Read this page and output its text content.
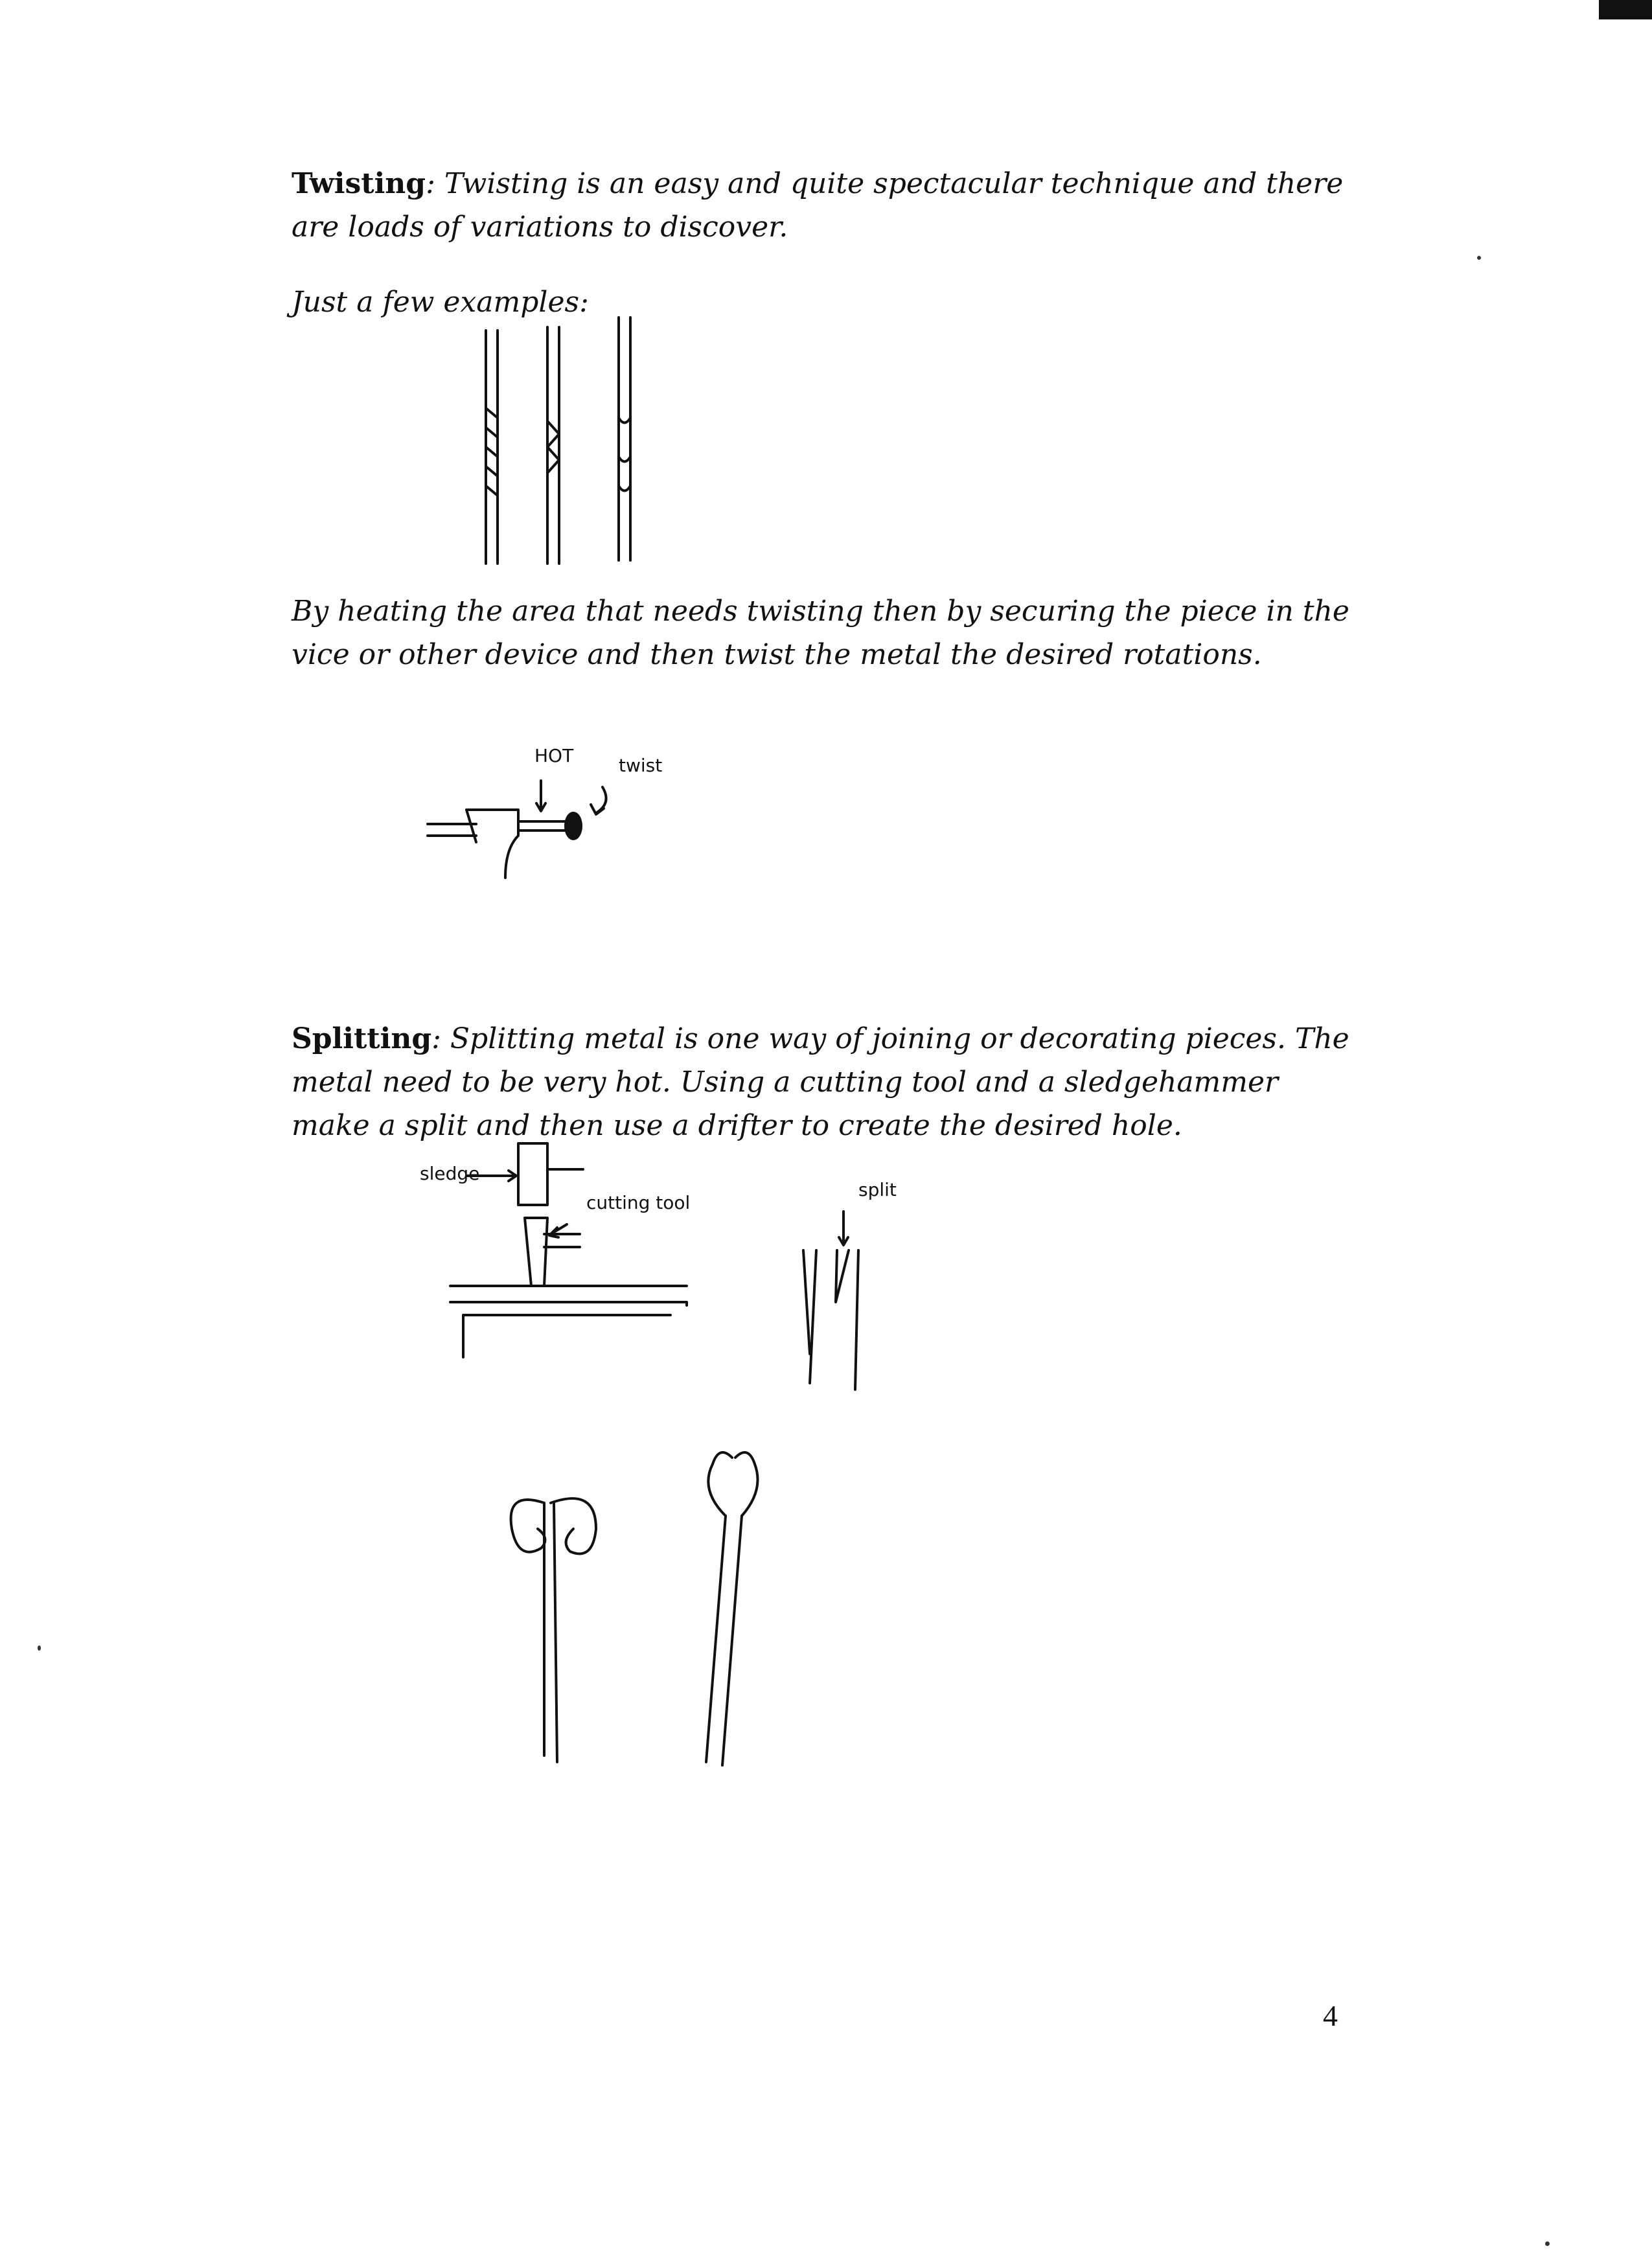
Twisting: Twisting is an easy and quite spectacular technique and there are loads of variations to discover.

Just a few examples:

By heating the area that needs twisting then by securing the piece in the vice or other device and then twist the metal the desired rotations.

HOT twist

Splitting: Splitting metal is one way of joining or decorating pieces. The metal need to be very hot. Using a cutting tool and a sledgehammer make a split and then use a drifter to create the desired hole.

sledge
cutting tool
split
4
